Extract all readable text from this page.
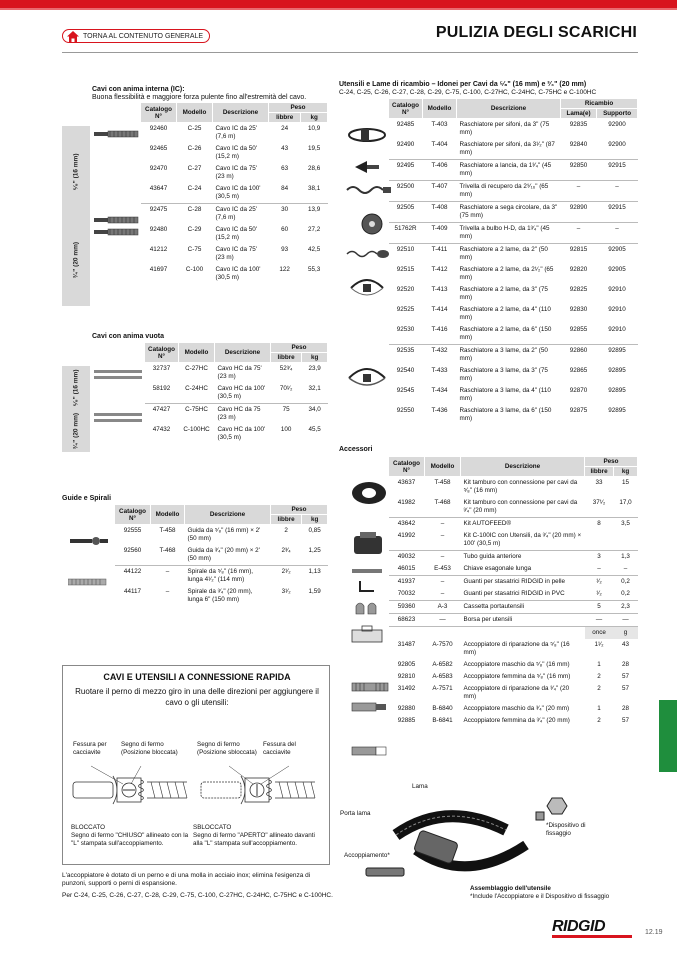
TORNA AL CONTENUTO GENERALE	PULIZIA DEGLI SCARICHI
Cavi con anima interna (IC):
Buona flessibilità e maggiore forza pulente fino all'estremità del cavo.
⁵⁄₈" (16 mm)
³⁄₄" (20 mm)
Catalogo N°	Modello	Descrizione	Peso	
			libbre	kg
92460	C-25	Cavo IC da 25' (7,6 m)	24	10,9
92465	C-26	Cavo IC da 50' (15,2 m)	43	19,5
92470	C-27	Cavo IC da 75' (23 m)	63	28,6
43647	C-24	Cavo IC da 100' (30,5 m)	84	38,1
92475	C-28	Cavo IC da 25' (7,6 m)	30	13,9
92480	C-29	Cavo IC da 50' (15,2 m)	60	27,2
41212	C-75	Cavo IC da 75' (23 m)	93	42,5
41697	C-100	Cavo IC da 100' (30,5 m)	122	55,3
Cavi con anima vuota
⁵⁄₈" (16 mm)
³⁄₄" (20 mm)
Catalogo N°	Modello	Descrizione	Peso	
			libbre	kg
32737	C-27HC	Cavo HC da 75' (23 m)	52³⁄₄	23,9
58192	C-24HC	Cavo HC da 100' (30,5 m)	70¹⁄₂	32,1
47427	C-75HC	Cavo HC da 75 (23 m)	75	34,0
47432	C-100HC	Cavo HC da 100' (30,5 m)	100	45,5
Guide e Spirali
Catalogo N°	Modello	Descrizione	Peso	
			libbre	kg
92555	T-458	Guida da ⁵⁄₈" (16 mm) × 2' (50 mm)	2	0,85
92560	T-468	Guida da ³⁄₄" (20 mm) × 2' (50 mm)	2³⁄₄	1,25
44122	–	Spirale da ⁵⁄₈" (16 mm), lunga 4¹⁄₂" (114 mm)	2¹⁄₂	1,13
44117	–	Spirale da ³⁄₄" (20 mm), lunga 6" (150 mm)	3¹⁄₂	1,59
CAVI E UTENSILI A CONNESSIONE RAPIDA
Ruotare il perno di mezzo giro in una delle direzioni per aggiungere il cavo o gli utensili:
Fessura per cacciavite
Segno di fermo (Posizione bloccata)
Segno di fermo (Posizione sbloccata)
Fessura del cacciavite
BLOCCATO
Segno di fermo "CHIUSO" allineato con la "L" stampata sull'accoppiamento.
SBLOCCATO
Segno di fermo "APERTO" allineato davanti alla "L" stampata sull'accoppiamento.
L'accoppiatore è dotato di un perno e di una molla in acciaio inox; elimina l'esigenza di punzoni, supporti o perni di espansione.
Per C-24, C-25, C-26, C-27, C-28, C-29, C-75, C-100, C-27HC, C-24HC, C-75HC e C-100HC.
Utensili e Lame di ricambio – Idonei per Cavi da ⁵⁄₈" (16 mm) e ³⁄₄" (20 mm)
C-24, C-25, C-26, C-27, C-28, C-29, C-75, C-100, C-27HC, C-24HC, C-75HC e C-100HC
Catalogo N°	Modello	Descrizione	Ricambio	
			Lama(e)	Supporto
92485	T-403	Raschiatore per sifoni, da 3" (75 mm)	92835	92900
92490	T-404	Raschiatore per sifoni, da 3¹⁄₂" (87 mm)	92840	92900
92495	T-406	Raschiatore a lancia, da 1³⁄₄" (45 mm)	92850	92915
92500	T-407	Trivella di recupero da 2⁹⁄₁₆" (65 mm)	–	–
92505	T-408	Raschiatore a sega circolare, da 3" (75 mm)	92890	92915
51762R	T-409	Trivella a bulbo H-D, da 1³⁄₄" (45 mm)	–	–
92510	T-411	Raschiatore a 2 lame, da 2" (50 mm)	92815	92905
92515	T-412	Raschiatore a 2 lame, da 2¹⁄₂" (65 mm)	92820	92905
92520	T-413	Raschiatore a 2 lame, da 3" (75 mm)	92825	92910
92525	T-414	Raschiatore a 2 lame, da 4" (110 mm)	92830	92910
92530	T-416	Raschiatore a 2 lame, da 6" (150 mm)	92855	92910
92535	T-432	Raschiatore a 3 lame, da 2" (50 mm)	92860	92895
92540	T-433	Raschiatore a 3 lame, da 3" (75 mm)	92865	92895
92545	T-434	Raschiatore a 3 lame, da 4" (110 mm)	92870	92895
92550	T-436	Raschiatore a 3 lame, da 6" (150 mm)	92875	92895
Accessori
Catalogo N°	Modello	Descrizione	Peso	
			libbre	kg
43637	T-458	Kit tamburo con connessione per cavi da ⁵⁄₈" (16 mm)	33	15
41982	T-468	Kit tamburo con connessione per cavi da ³⁄₄" (20 mm)	37¹⁄₂	17,0
43642	–	Kit AUTOFEED®	8	3,5
41992	–	Kit C-100IC con Utensili, da ³⁄₄" (20 mm) × 100' (30,5 m)		
49032	–	Tubo guida anteriore	3	1,3
46015	E-453	Chiave esagonale lunga	–	–
41937	–	Guanti per stasatrici RIDGID in pelle	¹⁄₂	0,2
70032	–	Guanti per stasatrici RIDGID in PVC	¹⁄₂	0,2
59360	A-3	Cassetta portautensili	5	2,3
68623	—	Borsa per utensili	—	—
			once	g
31487	A-7570	Accoppiatore di riparazione da ⁵⁄₈" (16 mm)	1¹⁄₂	43
92805	A-6582	Accoppiatore maschio da ⁵⁄₈" (16 mm)	1	28
92810	A-6583	Accoppiatore femmina da ⁵⁄₈" (16 mm)	2	57
31492	A-7571	Accoppiatore di riparazione da ³⁄₄" (20 mm)	2	57
92880	B-6840	Accoppiatore maschio da ³⁄₄" (20 mm)	1	28
92885	B-6841	Accoppiatore femmina da ³⁄₄" (20 mm)	2	57
Lama
Porta lama
*Dispositivo di fissaggio
Accoppiamento*
Assemblaggio dell'utensile
*Include l'Accoppiatore e il Dispositivo di fissaggio
RIDGID	12.19
